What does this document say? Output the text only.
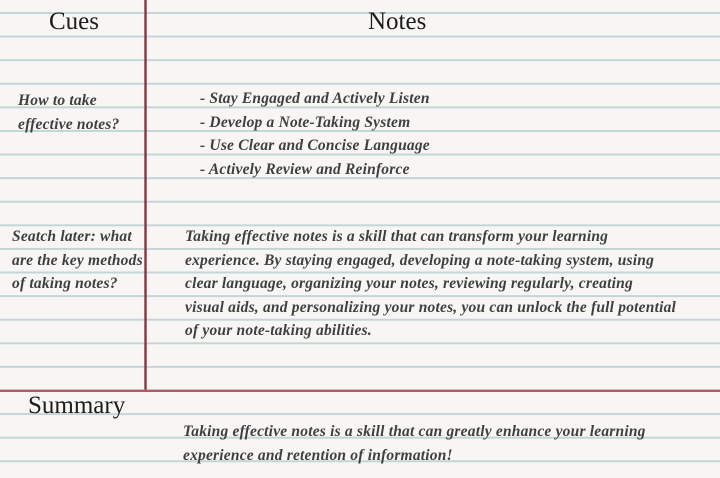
Cues	Notes
How to take
effective notes?
Seatch later: what
are the key methods
of taking notes?
- Stay Engaged and Actively Listen
- Develop a Note-Taking System
- Use Clear and Concise Language
- Actively Review and Reinforce
Taking effective notes is a skill that can transform your learning
experience. By staying engaged, developing a note-taking system, using
clear language, organizing your notes, reviewing regularly, creating
visual aids, and personalizing your notes, you can unlock the full potential
of your note-taking abilities.
Summary
Taking effective notes is a skill that can greatly enhance your learning
experience and retention of information!
